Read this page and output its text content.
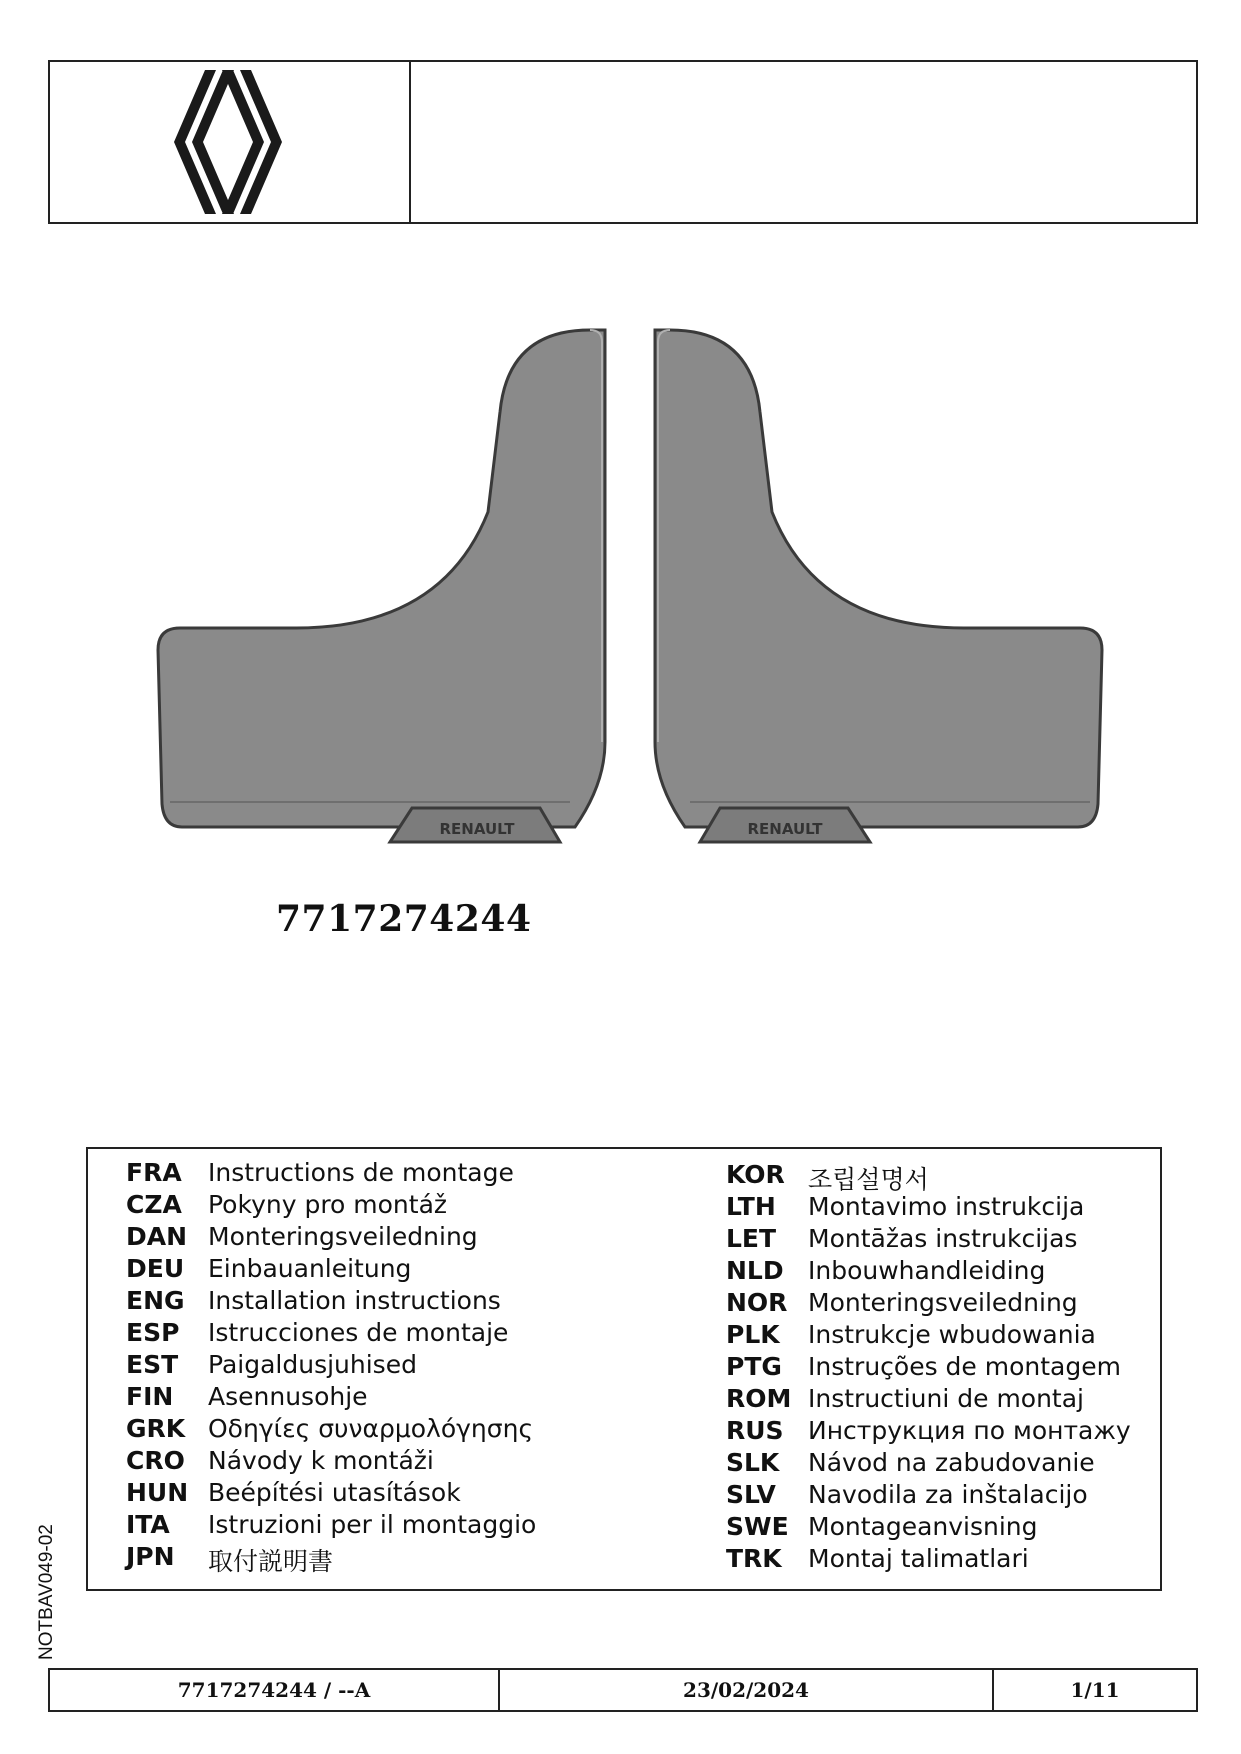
RENAULT	RENAULT
7717274244
FRA Instructions de montage
CZA Pokyny pro montáž
DAN Monteringsveiledning
DEU Einbauanleitung
ENG Installation instructions
ESP Istrucciones de montaje
EST Paigaldusjuhised
FIN Asennusohje
GRK Οδηγίες συναρμολόγησης
CRO Návody k montáži
HUN Beépítési utasítások
ITA Istruzioni per il montaggio
JPN 取付説明書
KOR 조립설명서
LTH Montavimo instrukcija
LET Montāžas instrukcijas
NLD Inbouwhandleiding
NOR Monteringsveiledning
PLK Instrukcje wbudowania
PTG Instruções de montagem
ROM Instructiuni de montaj
RUS Инструкция по монтажу
SLK Návod na zabudovanie
SLV Navodila za inštalacijo
SWE Montageanvisning
TRK Montaj talimatlari
NOTBAV049-02
7717274244 / --A	23/02/2024	1/11
